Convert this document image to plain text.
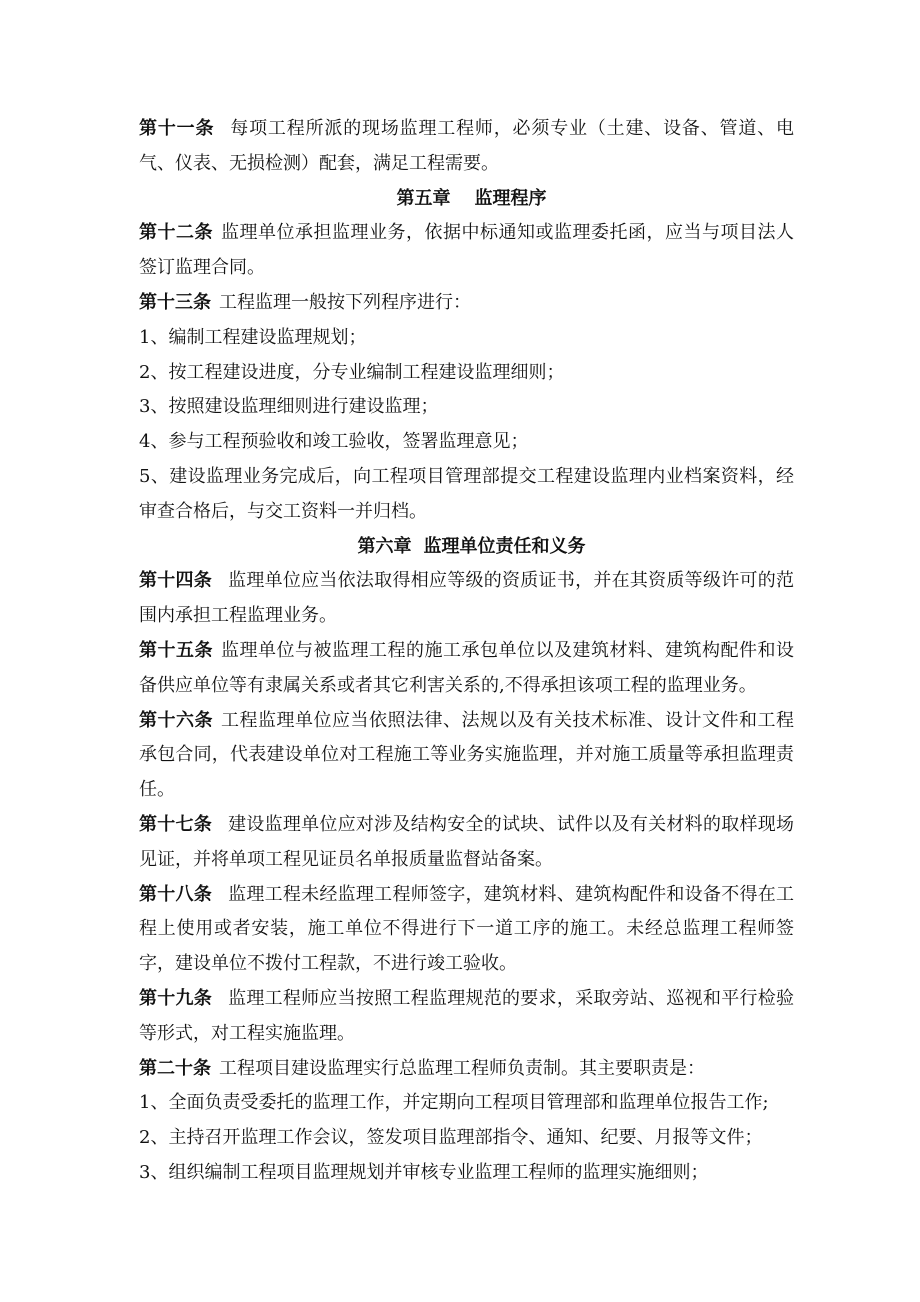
第十一条 每项工程所派的现场监理工程师，必须专业（土建、设备、管道、电气、仪表、无损检测）配套，满足工程需要。

第五章 监理程序

第十二条 监理单位承担监理业务，依据中标通知或监理委托函，应当与项目法人签订监理合同。

第十三条 工程监理一般按下列程序进行：

1、编制工程建设监理规划；

2、按工程建设进度，分专业编制工程建设监理细则；

3、按照建设监理细则进行建设监理；

4、参与工程预验收和竣工验收，签署监理意见；

5、建设监理业务完成后，向工程项目管理部提交工程建设监理内业档案资料，经审查合格后，与交工资料一并归档。

第六章 监理单位责任和义务

第十四条 监理单位应当依法取得相应等级的资质证书，并在其资质等级许可的范围内承担工程监理业务。

第十五条 监理单位与被监理工程的施工承包单位以及建筑材料、建筑构配件和设备供应单位等有隶属关系或者其它利害关系的,不得承担该项工程的监理业务。

第十六条 工程监理单位应当依照法律、法规以及有关技术标准、设计文件和工程承包合同，代表建设单位对工程施工等业务实施监理，并对施工质量等承担监理责任。

第十七条 建设监理单位应对涉及结构安全的试块、试件以及有关材料的取样现场见证，并将单项工程见证员名单报质量监督站备案。

第十八条 监理工程未经监理工程师签字，建筑材料、建筑构配件和设备不得在工程上使用或者安装，施工单位不得进行下一道工序的施工。未经总监理工程师签字，建设单位不拨付工程款，不进行竣工验收。

第十九条 监理工程师应当按照工程监理规范的要求，采取旁站、巡视和平行检验等形式，对工程实施监理。

第二十条 工程项目建设监理实行总监理工程师负责制。其主要职责是：

1、全面负责受委托的监理工作，并定期向工程项目管理部和监理单位报告工作;

2、主持召开监理工作会议，签发项目监理部指令、通知、纪要、月报等文件；

3、组织编制工程项目监理规划并审核专业监理工程师的监理实施细则；
